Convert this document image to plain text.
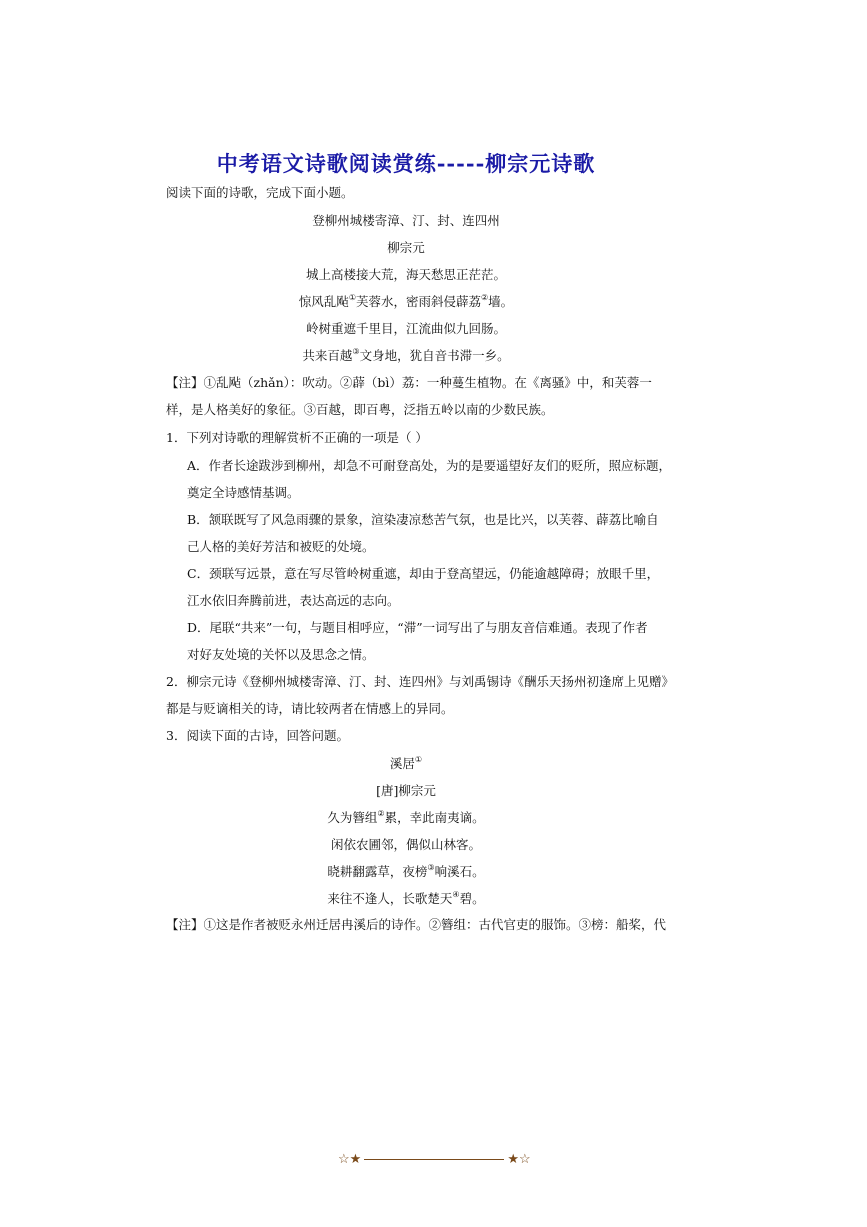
中考语文诗歌阅读赏练-----柳宗元诗歌
阅读下面的诗歌，完成下面小题。
登柳州城楼寄漳、汀、封、连四州
柳宗元
城上高楼接大荒，海天愁思正茫茫。
惊风乱飐①芙蓉水，密雨斜侵薜荔②墙。
岭树重遮千里目，江流曲似九回肠。
共来百越③文身地，犹自音书滞一乡。
【注】①乱飐（zhǎn）：吹动。②薜（bì）荔：一种蔓生植物。在《离骚》中，和芙蓉一
样，是人格美好的象征。③百越，即百粤，泛指五岭以南的少数民族。
1．下列对诗歌的理解赏析不正确的一项是（ ）
A．作者长途跋涉到柳州，却急不可耐登高处，为的是要遥望好友们的贬所，照应标题，
奠定全诗感情基调。
B．颔联既写了风急雨骤的景象，渲染凄凉愁苦气氛，也是比兴，以芙蓉、薜荔比喻自
己人格的美好芳洁和被贬的处境。
C．颈联写远景，意在写尽管岭树重遮，却由于登高望远，仍能逾越障碍；放眼千里，
江水依旧奔腾前进，表达高远的志向。
D．尾联“共来”一句，与题目相呼应，“滞”一词写出了与朋友音信难通。表现了作者
对好友处境的关怀以及思念之情。
2．柳宗元诗《登柳州城楼寄漳、汀、封、连四州》与刘禹锡诗《酬乐天扬州初逢席上见赠》
都是与贬谪相关的诗，请比较两者在情感上的异同。
3．阅读下面的古诗，回答问题。
溪居①
[唐]柳宗元
久为簪组②累，幸此南夷谪。
闲依农圃邻，偶似山林客。
晓耕翻露草，夜榜③响溪石。
来往不逢人，长歌楚天④碧。
【注】①这是作者被贬永州迁居冉溪后的诗作。②簪组：古代官吏的服饰。③榜：船桨，代
☆★	★☆
